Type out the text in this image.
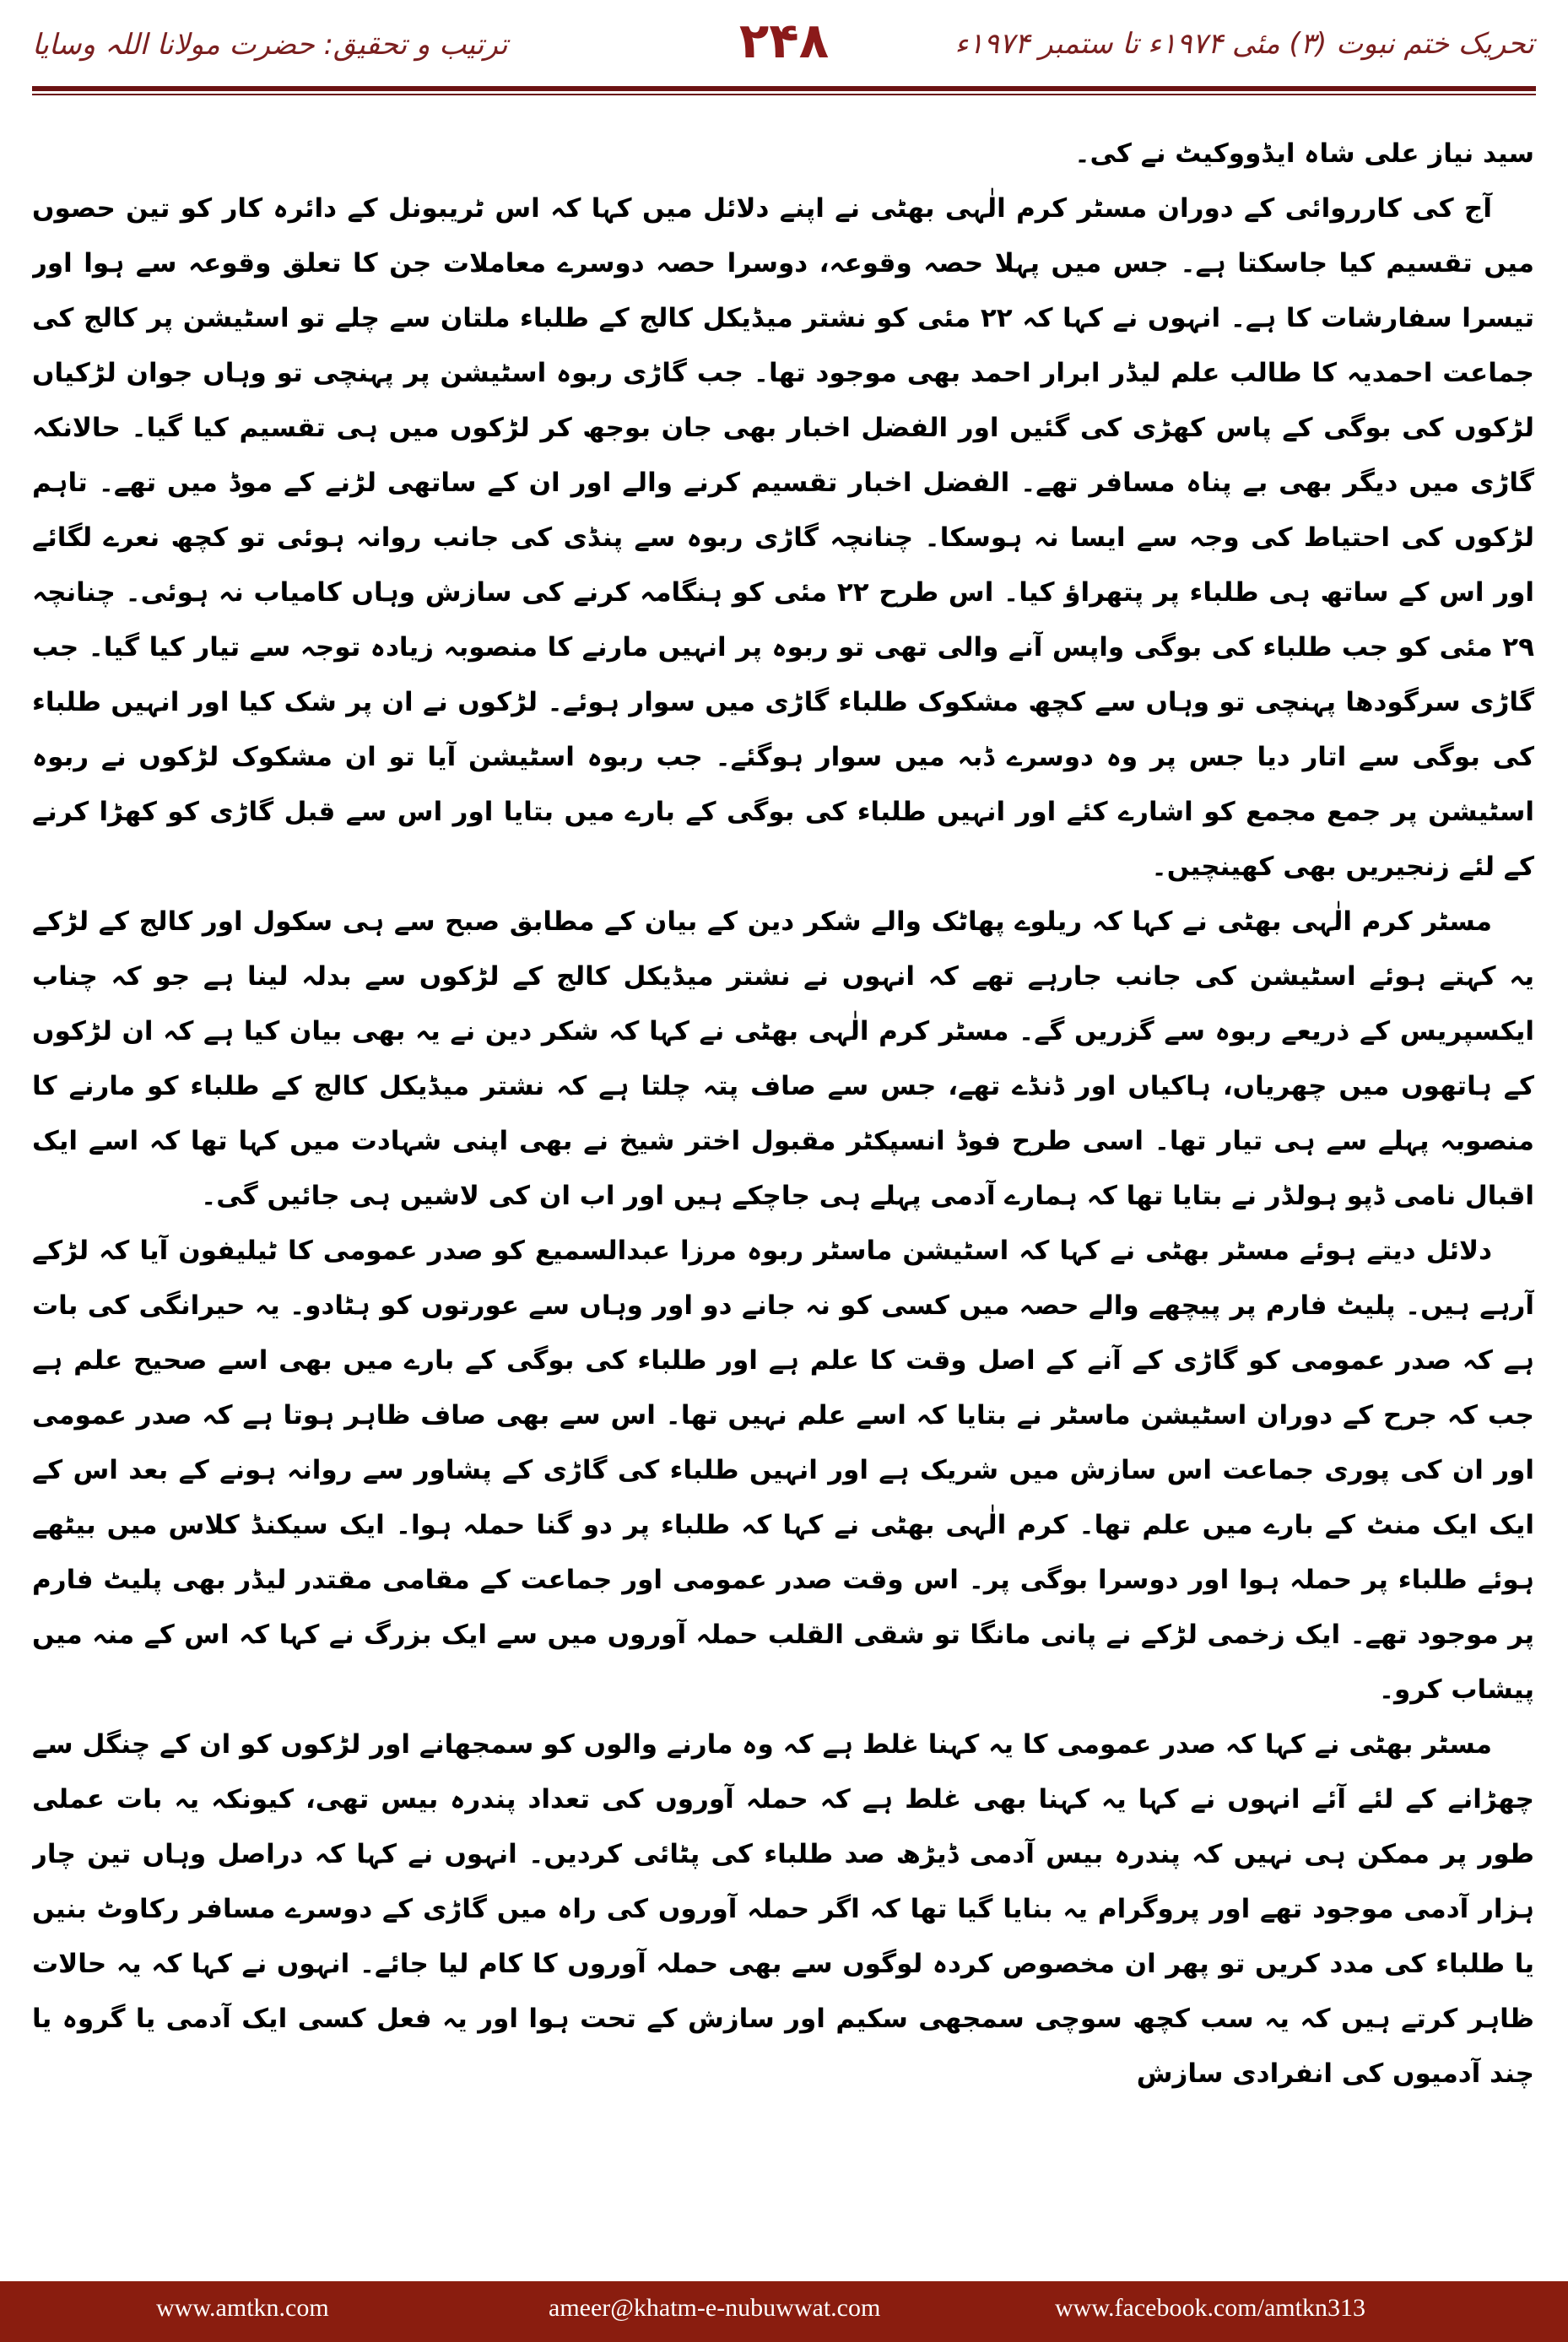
تحریک ختم نبوت (۳) مئی ۱۹۷۴ء تا ستمبر ۱۹۷۴ء
۲۴۸
ترتیب و تحقیق: حضرت مولانا اللہ وسایا

سید نیاز علی شاہ ایڈووکیٹ نے کی۔

آج کی کارروائی کے دوران مسٹر کرم الٰہی بھٹی نے اپنے دلائل میں کہا کہ اس ٹریبونل کے دائرہ کار کو تین حصوں میں تقسیم کیا جاسکتا ہے۔ جس میں پہلا حصہ وقوعہ، دوسرا حصہ دوسرے معاملات جن کا تعلق وقوعہ سے ہوا اور تیسرا سفارشات کا ہے۔ انہوں نے کہا کہ ۲۲ مئی کو نشتر میڈیکل کالج کے طلباء ملتان سے چلے تو اسٹیشن پر کالج کی جماعت احمدیہ کا طالب علم لیڈر ابرار احمد بھی موجود تھا۔ جب گاڑی ربوہ اسٹیشن پر پہنچی تو وہاں جوان لڑکیاں لڑکوں کی بوگی کے پاس کھڑی کی گئیں اور الفضل اخبار بھی جان بوجھ کر لڑکوں میں ہی تقسیم کیا گیا۔ حالانکہ گاڑی میں دیگر بھی بے پناہ مسافر تھے۔ الفضل اخبار تقسیم کرنے والے اور ان کے ساتھی لڑنے کے موڈ میں تھے۔ تاہم لڑکوں کی احتیاط کی وجہ سے ایسا نہ ہوسکا۔ چنانچہ گاڑی ربوہ سے پنڈی کی جانب روانہ ہوئی تو کچھ نعرے لگائے اور اس کے ساتھ ہی طلباء پر پتھراؤ کیا۔ اس طرح ۲۲ مئی کو ہنگامہ کرنے کی سازش وہاں کامیاب نہ ہوئی۔ چنانچہ ۲۹ مئی کو جب طلباء کی بوگی واپس آنے والی تھی تو ربوہ پر انہیں مارنے کا منصوبہ زیادہ توجہ سے تیار کیا گیا۔ جب گاڑی سرگودھا پہنچی تو وہاں سے کچھ مشکوک طلباء گاڑی میں سوار ہوئے۔ لڑکوں نے ان پر شک کیا اور انہیں طلباء کی بوگی سے اتار دیا جس پر وہ دوسرے ڈبہ میں سوار ہوگئے۔ جب ربوہ اسٹیشن آیا تو ان مشکوک لڑکوں نے ربوہ اسٹیشن پر جمع مجمع کو اشارے کئے اور انہیں طلباء کی بوگی کے بارے میں بتایا اور اس سے قبل گاڑی کو کھڑا کرنے کے لئے زنجیریں بھی کھینچیں۔

مسٹر کرم الٰہی بھٹی نے کہا کہ ریلوے پھاٹک والے شکر دین کے بیان کے مطابق صبح سے ہی سکول اور کالج کے لڑکے یہ کہتے ہوئے اسٹیشن کی جانب جارہے تھے کہ انہوں نے نشتر میڈیکل کالج کے لڑکوں سے بدلہ لینا ہے جو کہ چناب ایکسپریس کے ذریعے ربوہ سے گزریں گے۔ مسٹر کرم الٰہی بھٹی نے کہا کہ شکر دین نے یہ بھی بیان کیا ہے کہ ان لڑکوں کے ہاتھوں میں چھریاں، ہاکیاں اور ڈنڈے تھے، جس سے صاف پتہ چلتا ہے کہ نشتر میڈیکل کالج کے طلباء کو مارنے کا منصوبہ پہلے سے ہی تیار تھا۔ اسی طرح فوڈ انسپکٹر مقبول اختر شیخ نے بھی اپنی شہادت میں کہا تھا کہ اسے ایک اقبال نامی ڈپو ہولڈر نے بتایا تھا کہ ہمارے آدمی پہلے ہی جاچکے ہیں اور اب ان کی لاشیں ہی جائیں گی۔

دلائل دیتے ہوئے مسٹر بھٹی نے کہا کہ اسٹیشن ماسٹر ربوہ مرزا عبدالسمیع کو صدر عمومی کا ٹیلیفون آیا کہ لڑکے آرہے ہیں۔ پلیٹ فارم پر پیچھے والے حصہ میں کسی کو نہ جانے دو اور وہاں سے عورتوں کو ہٹادو۔ یہ حیرانگی کی بات ہے کہ صدر عمومی کو گاڑی کے آنے کے اصل وقت کا علم ہے اور طلباء کی بوگی کے بارے میں بھی اسے صحیح علم ہے جب کہ جرح کے دوران اسٹیشن ماسٹر نے بتایا کہ اسے علم نہیں تھا۔ اس سے بھی صاف ظاہر ہوتا ہے کہ صدر عمومی اور ان کی پوری جماعت اس سازش میں شریک ہے اور انہیں طلباء کی گاڑی کے پشاور سے روانہ ہونے کے بعد اس کے ایک ایک منٹ کے بارے میں علم تھا۔ کرم الٰہی بھٹی نے کہا کہ طلباء پر دو گنا حملہ ہوا۔ ایک سیکنڈ کلاس میں بیٹھے ہوئے طلباء پر حملہ ہوا اور دوسرا بوگی پر۔ اس وقت صدر عمومی اور جماعت کے مقامی مقتدر لیڈر بھی پلیٹ فارم پر موجود تھے۔ ایک زخمی لڑکے نے پانی مانگا تو شقی القلب حملہ آوروں میں سے ایک بزرگ نے کہا کہ اس کے منہ میں پیشاب کرو۔

مسٹر بھٹی نے کہا کہ صدر عمومی کا یہ کہنا غلط ہے کہ وہ مارنے والوں کو سمجھانے اور لڑکوں کو ان کے چنگل سے چھڑانے کے لئے آئے انہوں نے کہا یہ کہنا بھی غلط ہے کہ حملہ آوروں کی تعداد پندرہ بیس تھی، کیونکہ یہ بات عملی طور پر ممکن ہی نہیں کہ پندرہ بیس آدمی ڈیڑھ صد طلباء کی پٹائی کردیں۔ انہوں نے کہا کہ دراصل وہاں تین چار ہزار آدمی موجود تھے اور پروگرام یہ بنایا گیا تھا کہ اگر حملہ آوروں کی راہ میں گاڑی کے دوسرے مسافر رکاوٹ بنیں یا طلباء کی مدد کریں تو پھر ان مخصوص کردہ لوگوں سے بھی حملہ آوروں کا کام لیا جائے۔ انہوں نے کہا کہ یہ حالات ظاہر کرتے ہیں کہ یہ سب کچھ سوچی سمجھی سکیم اور سازش کے تحت ہوا اور یہ فعل کسی ایک آدمی یا گروہ یا چند آدمیوں کی انفرادی سازش

www.amtkn.com	ameer@khatm-e-nubuwwat.com	www.facebook.com/amtkn313
